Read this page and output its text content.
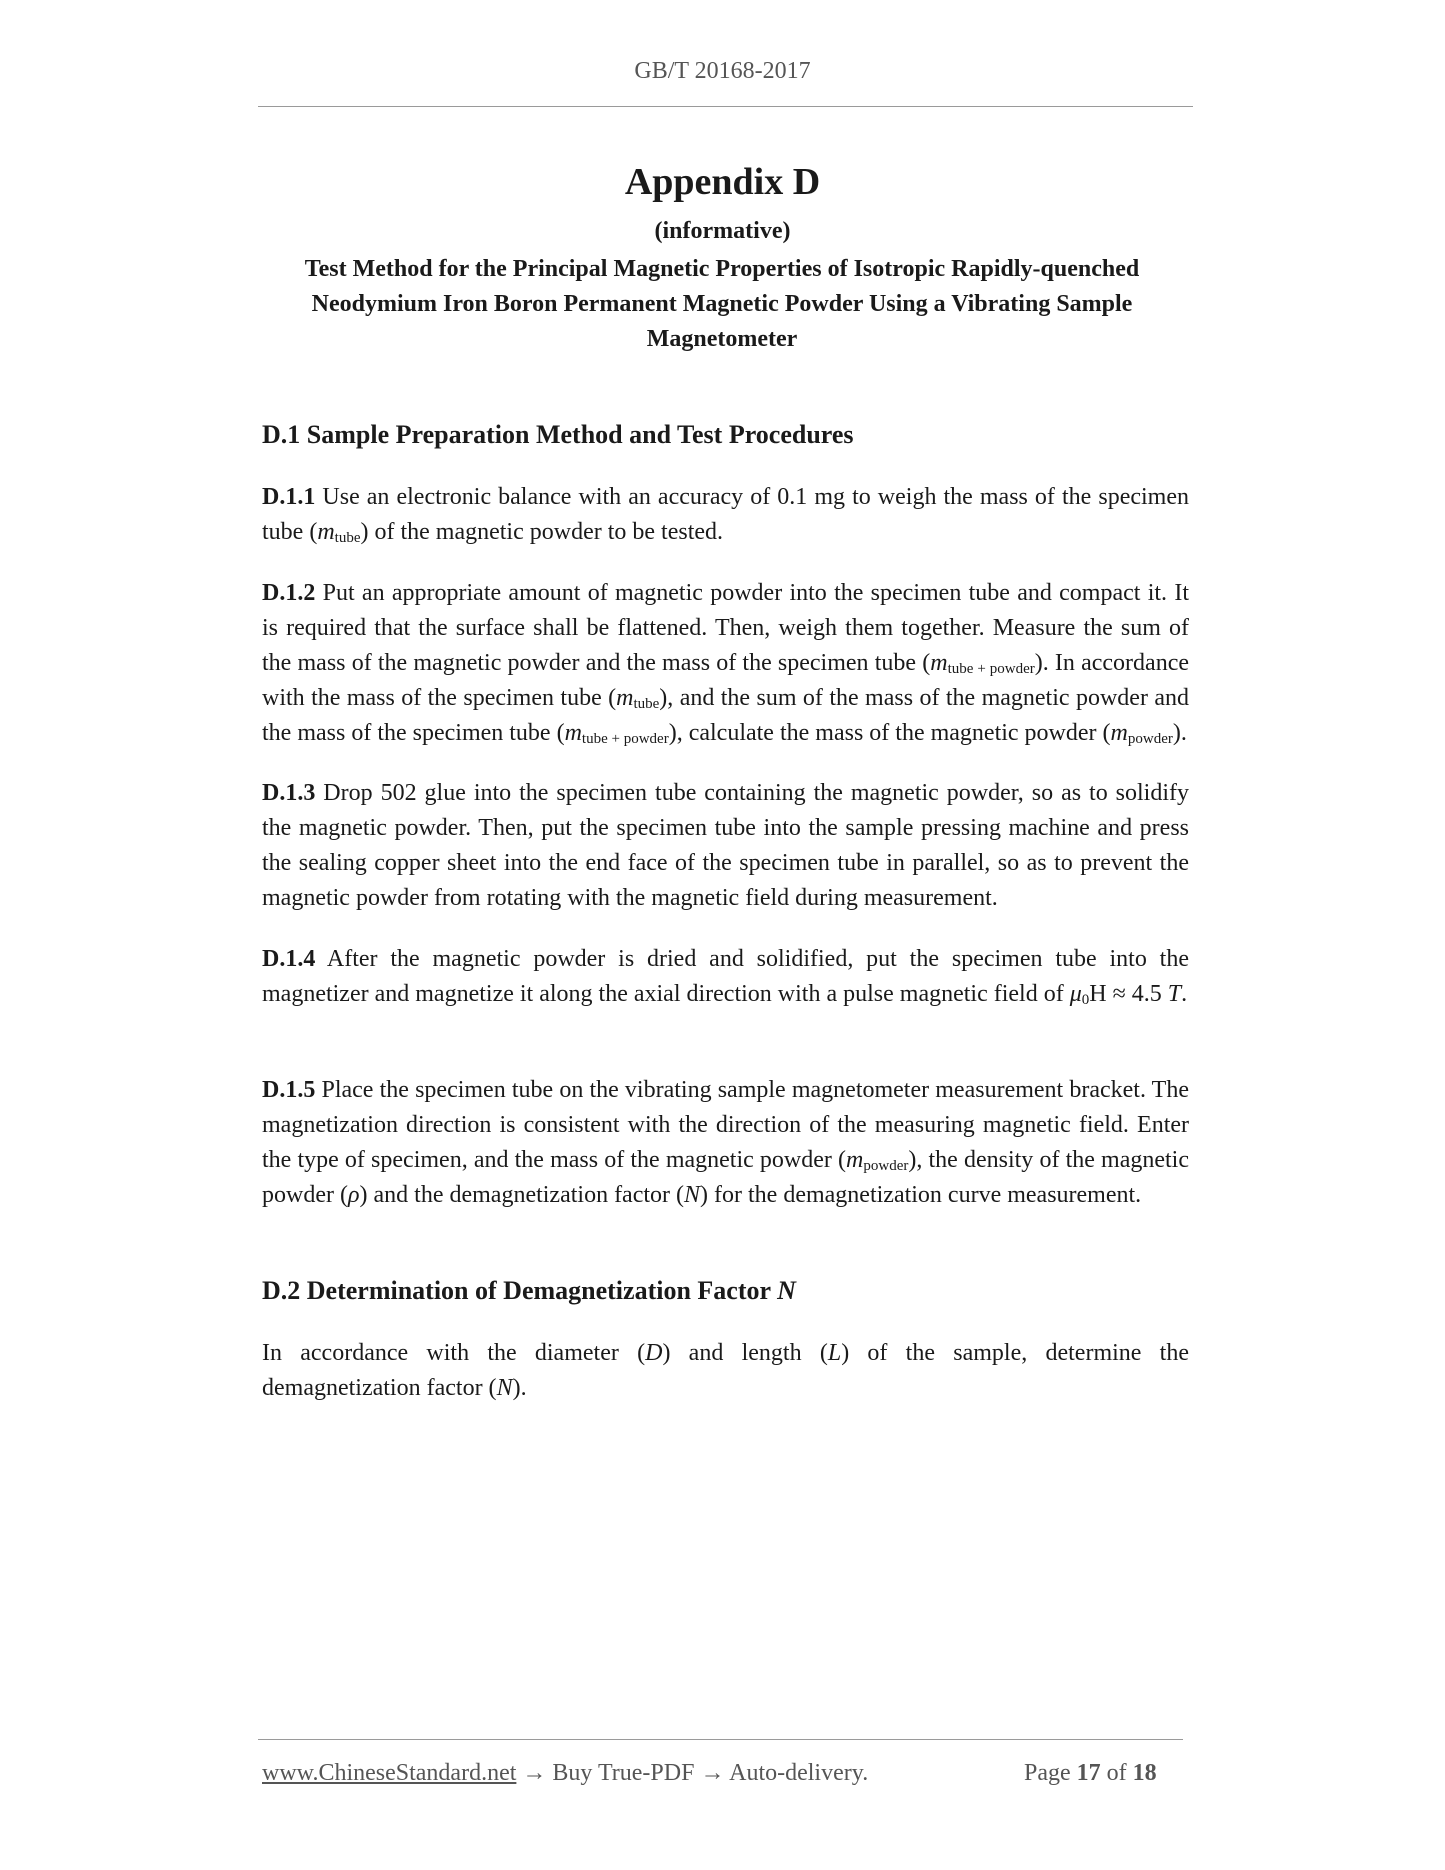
GB/T 20168-2017
Appendix D
(informative)
Test Method for the Principal Magnetic Properties of Isotropic Rapidly-quenched Neodymium Iron Boron Permanent Magnetic Powder Using a Vibrating Sample Magnetometer
D.1 Sample Preparation Method and Test Procedures
D.1.1 Use an electronic balance with an accuracy of 0.1 mg to weigh the mass of the specimen tube $(m_{tube})$ of the magnetic powder to be tested.
D.1.2 Put an appropriate amount of magnetic powder into the specimen tube and compact it. It is required that the surface shall be flattened. Then, weigh them together. Measure the sum of the mass of the magnetic powder and the mass of the specimen tube $(m_{tube + powder})$. In accordance with the mass of the specimen tube $(m_{tube})$, and the sum of the mass of the magnetic powder and the mass of the specimen tube $(m_{tube + powder})$, calculate the mass of the magnetic powder $(m_{powder})$.
D.1.3 Drop 502 glue into the specimen tube containing the magnetic powder, so as to solidify the magnetic powder. Then, put the specimen tube into the sample pressing machine and press the sealing copper sheet into the end face of the specimen tube in parallel, so as to prevent the magnetic powder from rotating with the magnetic field during measurement.
D.1.4 After the magnetic powder is dried and solidified, put the specimen tube into the magnetizer and magnetize it along the axial direction with a pulse magnetic field of $\mu_0H \approx 4.5$ T.
D.1.5 Place the specimen tube on the vibrating sample magnetometer measurement bracket. The magnetization direction is consistent with the direction of the measuring magnetic field. Enter the type of specimen, and the mass of the magnetic powder $(m_{powder})$, the density of the magnetic powder (ρ) and the demagnetization factor (N) for the demagnetization curve measurement.
D.2 Determination of Demagnetization Factor N
In accordance with the diameter (D) and length (L) of the sample, determine the demagnetization factor (N).
www.ChineseStandard.net → Buy True-PDF → Auto-delivery.	Page 17 of 18
